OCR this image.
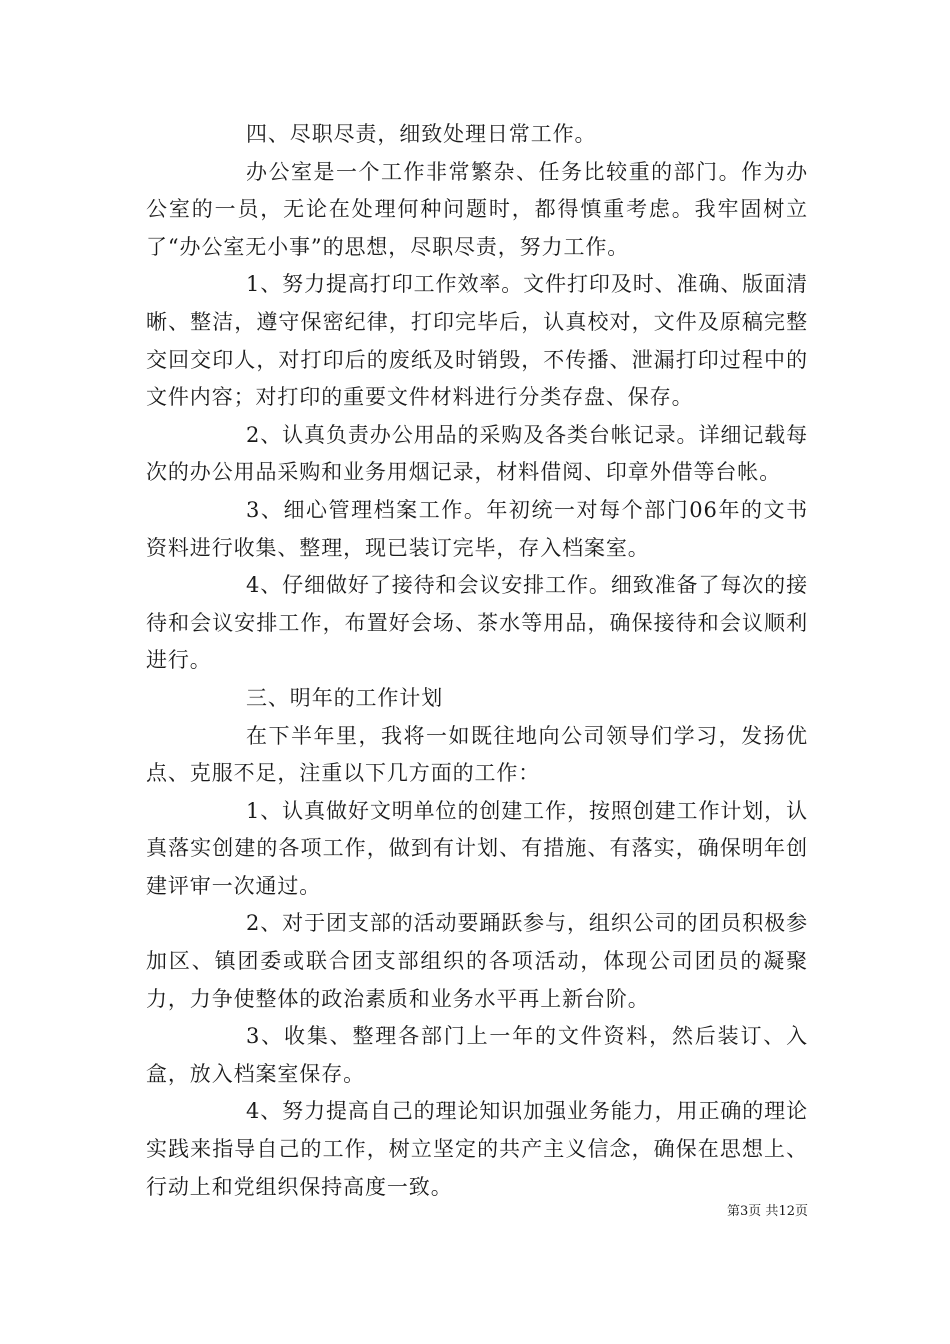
四、尽职尽责，细致处理日常工作。

办公室是一个工作非常繁杂、任务比较重的部门。作为办公室的一员，无论在处理何种问题时，都得慎重考虑。我牢固树立了“办公室无小事”的思想，尽职尽责，努力工作。

1、努力提高打印工作效率。文件打印及时、准确、版面清晰、整洁，遵守保密纪律，打印完毕后，认真校对，文件及原稿完整交回交印人，对打印后的废纸及时销毁，不传播、泄漏打印过程中的文件内容；对打印的重要文件材料进行分类存盘、保存。

2、认真负责办公用品的采购及各类台帐记录。详细记载每次的办公用品采购和业务用烟记录，材料借阅、印章外借等台帐。

3、细心管理档案工作。年初统一对每个部门06年的文书资料进行收集、整理，现已装订完毕，存入档案室。

4、仔细做好了接待和会议安排工作。细致准备了每次的接待和会议安排工作，布置好会场、茶水等用品，确保接待和会议顺利进行。

三、明年的工作计划

在下半年里，我将一如既往地向公司领导们学习，发扬优点、克服不足，注重以下几方面的工作：

1、认真做好文明单位的创建工作，按照创建工作计划，认真落实创建的各项工作，做到有计划、有措施、有落实，确保明年创建评审一次通过。

2、对于团支部的活动要踊跃参与，组织公司的团员积极参加区、镇团委或联合团支部组织的各项活动，体现公司团员的凝聚力，力争使整体的政治素质和业务水平再上新台阶。

3、收集、整理各部门上一年的文件资料，然后装订、入盒，放入档案室保存。

4、努力提高自己的理论知识加强业务能力，用正确的理论实践来指导自己的工作，树立坚定的共产主义信念，确保在思想上、行动上和党组织保持高度一致。

第3页 共12页
